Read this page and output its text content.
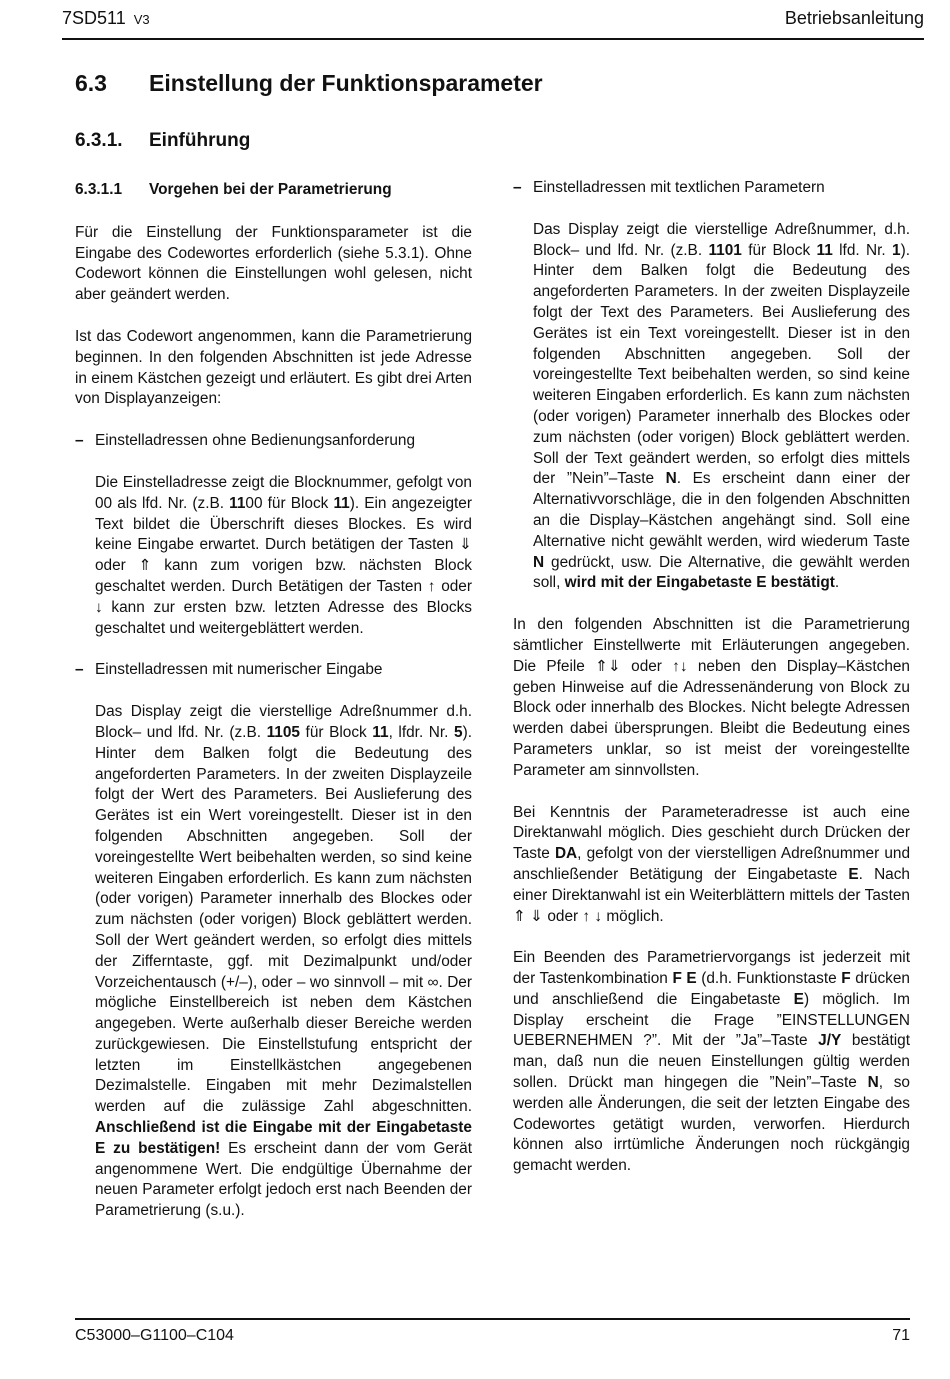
7SD511 V3	Betriebsanleitung
6.3 Einstellung der Funktionsparameter
6.3.1. Einführung
6.3.1.1 Vorgehen bei der Parametrierung

Für die Einstellung der Funktionsparameter ist die Eingabe des Codewortes erforderlich (siehe 5.3.1). Ohne Codewort können die Einstellungen wohl gelesen, nicht aber geändert werden.

Ist das Codewort angenommen, kann die Parametrierung beginnen. In den folgenden Abschnitten ist jede Adresse in einem Kästchen gezeigt und erläutert. Es gibt drei Arten von Displayanzeigen:

– Einstelladressen ohne Bedienungsanforderung

Die Einstelladresse zeigt die Blocknummer, gefolgt von 00 als lfd. Nr. (z.B. 1100 für Block 11). Ein angezeigter Text bildet die Überschrift dieses Blockes. Es wird keine Eingabe erwartet. Durch betätigen der Tasten ⇓ oder ⇑ kann zum vorigen bzw. nächsten Block geschaltet werden. Durch Betätigen der Tasten ↑ oder ↓ kann zur ersten bzw. letzten Adresse des Blocks geschaltet und weitergeblättert werden.

– Einstelladressen mit numerischer Eingabe

Das Display zeigt die vierstellige Adreßnummer d.h. Block– und lfd. Nr. (z.B. 1105 für Block 11, lfdr. Nr. 5). Hinter dem Balken folgt die Bedeutung des angeforderten Parameters. In der zweiten Displayzeile folgt der Wert des Parameters. Bei Auslieferung des Gerätes ist ein Wert voreingestellt. Dieser ist in den folgenden Abschnitten angegeben. Soll der voreingestellte Wert beibehalten werden, so sind keine weiteren Eingaben erforderlich. Es kann zum nächsten (oder vorigen) Parameter innerhalb des Blockes oder zum nächsten (oder vorigen) Block geblättert werden. Soll der Wert geändert werden, so erfolgt dies mittels der Zifferntaste, ggf. mit Dezimalpunkt und/oder Vorzeichentausch (+/–), oder – wo sinnvoll – mit ∞. Der mögliche Einstellbereich ist neben dem Kästchen angegeben. Werte außerhalb dieser Bereiche werden zurückgewiesen. Die Einstellstufung entspricht der letzten im Einstellkästchen angegebenen Dezimalstelle. Eingaben mit mehr Dezimalstellen werden auf die zulässige Zahl abgeschnitten. Anschließend ist die Eingabe mit der Eingabetaste E zu bestätigen! Es erscheint dann der vom Gerät angenommene Wert. Die endgültige Übernahme der neuen Parameter erfolgt jedoch erst nach Beenden der Parametrierung (s.u.).

– Einstelladressen mit textlichen Parametern

Das Display zeigt die vierstellige Adreßnummer, d.h. Block– und lfd. Nr. (z.B. 1101 für Block 11 lfd. Nr. 1). Hinter dem Balken folgt die Bedeutung des angeforderten Parameters. In der zweiten Displayzeile folgt der Text des Parameters. Bei Auslieferung des Gerätes ist ein Text voreingestellt. Dieser ist in den folgenden Abschnitten angegeben. Soll der voreingestellte Text beibehalten werden, so sind keine weiteren Eingaben erforderlich. Es kann zum nächsten (oder vorigen) Parameter innerhalb des Blockes oder zum nächsten (oder vorigen) Block geblättert werden. Soll der Text geändert werden, so erfolgt dies mittels der ”Nein”–Taste N. Es erscheint dann einer der Alternativvorschläge, die in den folgenden Abschnitten an die Display–Kästchen angehängt sind. Soll eine Alternative nicht gewählt werden, wird wiederum Taste N gedrückt, usw. Die Alternative, die gewählt werden soll, wird mit der Eingabetaste E bestätigt.

In den folgenden Abschnitten ist die Parametrierung sämtlicher Einstellwerte mit Erläuterungen angegeben. Die Pfeile ⇑⇓ oder ↑↓ neben den Display–Kästchen geben Hinweise auf die Adressenänderung von Block zu Block oder innerhalb des Blockes. Nicht belegte Adressen werden dabei übersprungen. Bleibt die Bedeutung eines Parameters unklar, so ist meist der voreingestellte Parameter am sinnvollsten.

Bei Kenntnis der Parameteradresse ist auch eine Direktanwahl möglich. Dies geschieht durch Drücken der Taste DA, gefolgt von der vierstelligen Adreßnummer und anschließender Betätigung der Eingabetaste E. Nach einer Direktanwahl ist ein Weiterblättern mittels der Tasten ⇑ ⇓ oder ↑ ↓ möglich.

Ein Beenden des Parametriervorgangs ist jederzeit mit der Tastenkombination F E (d.h. Funktionstaste F drücken und anschließend die Eingabetaste E) möglich. Im Display erscheint die Frage ”EINSTELLUNGEN UEBERNEHMEN ?”. Mit der ”Ja”–Taste J/Y bestätigt man, daß nun die neuen Einstellungen gültig werden sollen. Drückt man hingegen die ”Nein”–Taste N, so werden alle Änderungen, die seit der letzten Eingabe des Codewortes getätigt wurden, verworfen. Hierdurch können also irrtümliche Änderungen noch rückgängig gemacht werden.

C53000–G1100–C104	71
